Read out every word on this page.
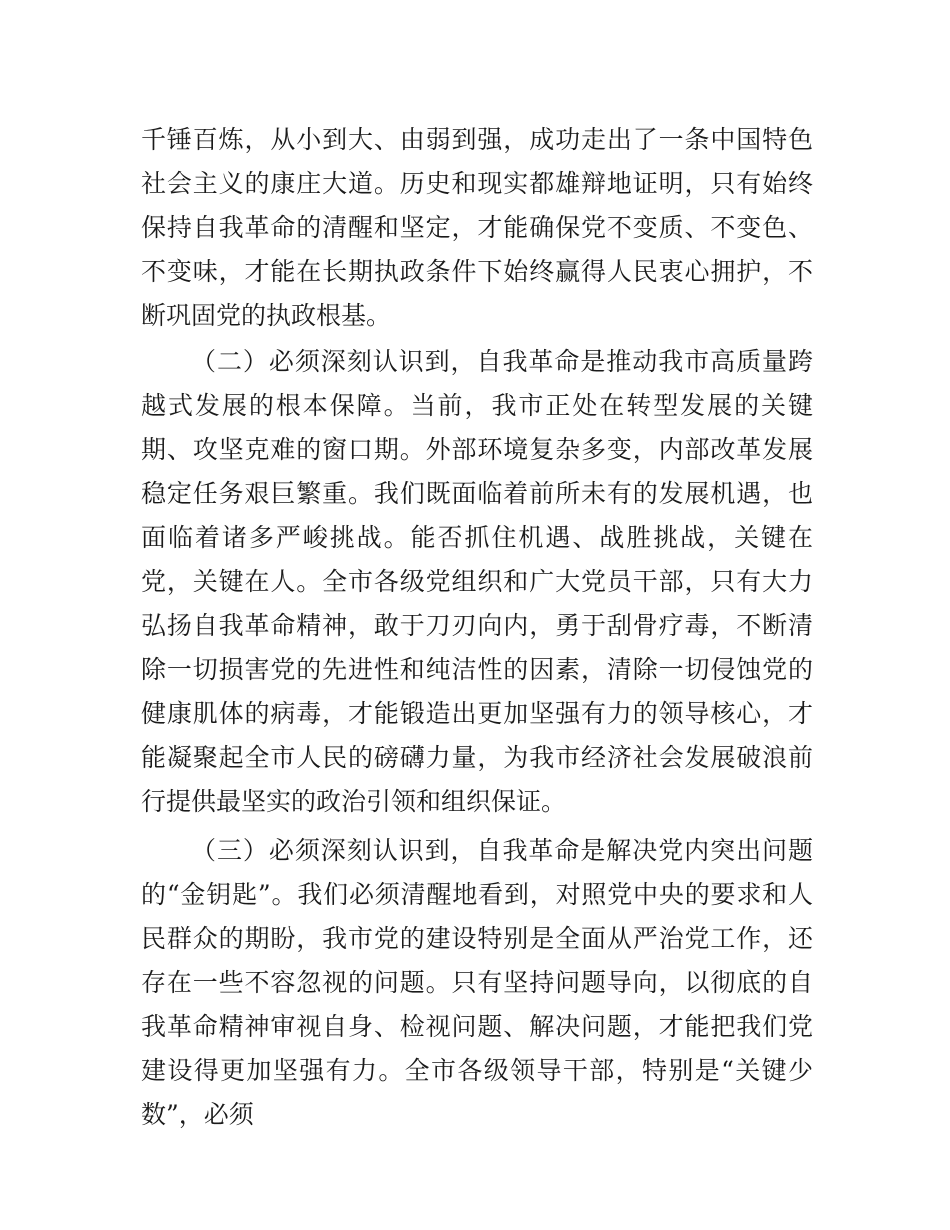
千锤百炼，从小到大、由弱到强，成功走出了一条中国特色社会主义的康庄大道。历史和现实都雄辩地证明，只有始终保持自我革命的清醒和坚定，才能确保党不变质、不变色、不变味，才能在长期执政条件下始终赢得人民衷心拥护，不断巩固党的执政根基。

（二）必须深刻认识到，自我革命是推动我市高质量跨越式发展的根本保障。当前，我市正处在转型发展的关键期、攻坚克难的窗口期。外部环境复杂多变，内部改革发展稳定任务艰巨繁重。我们既面临着前所未有的发展机遇，也面临着诸多严峻挑战。能否抓住机遇、战胜挑战，关键在党，关键在人。全市各级党组织和广大党员干部，只有大力弘扬自我革命精神，敢于刀刃向内，勇于刮骨疗毒，不断清除一切损害党的先进性和纯洁性的因素，清除一切侵蚀党的健康肌体的病毒，才能锻造出更加坚强有力的领导核心，才能凝聚起全市人民的磅礴力量，为我市经济社会发展破浪前行提供最坚实的政治引领和组织保证。

（三）必须深刻认识到，自我革命是解决党内突出问题的“金钥匙”。我们必须清醒地看到，对照党中央的要求和人民群众的期盼，我市党的建设特别是全面从严治党工作，还存在一些不容忽视的问题。只有坚持问题导向，以彻底的自我革命精神审视自身、检视问题、解决问题，才能把我们党建设得更加坚强有力。全市各级领导干部，特别是“关键少数”，必须
